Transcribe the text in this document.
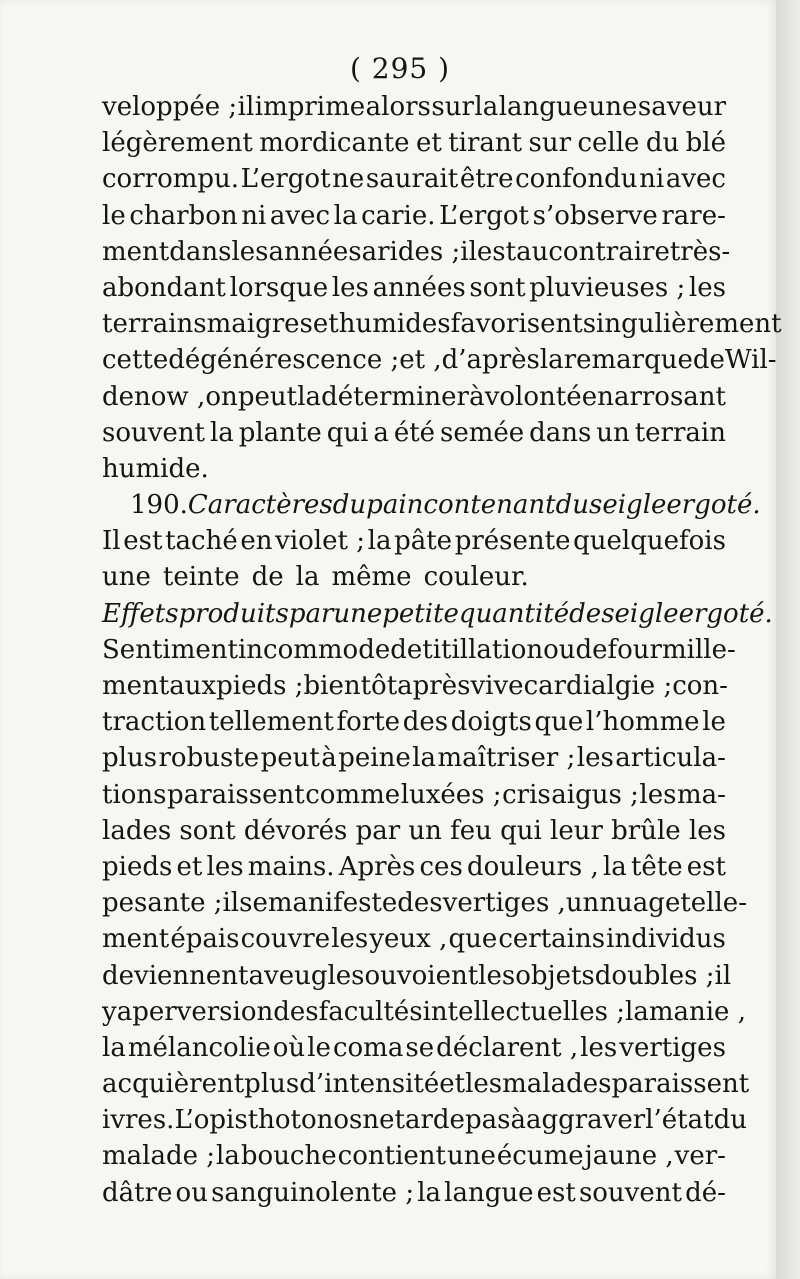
( 295 )
veloppée ; il imprime alors sur la langue une saveur
légèrement mordicante et tirant sur celle du blé
corrompu. L’ergot ne saurait être confondu ni avec
le charbon ni avec la carie. L’ergot s’observe rare-
ment dans les années arides ; il est au contraire très-
abondant lorsque les années sont pluvieuses ; les
terrains maigres et humides favorisent singulièrement
cette dégénérescence ; et , d’après la remarque de Wil-
denow , on peut la déterminer à volonté en arrosant
souvent la plante qui a été semée dans un terrain
humide.
190. Caractères du pain contenant du seigle ergoté.
Il est taché en violet ; la pâte présente quelquefois
une teinte de la même couleur.
Effets produits par une petite quantité de seigle ergoté.
Sentiment incommode de titillation ou de fourmille-
ment aux pieds ; bientôt après vive cardialgie ; con-
traction tellement forte des doigts que l’homme le
plus robuste peut à peine la maîtriser ; les articula-
tions paraissent comme luxées ; cris aigus ; les ma-
lades sont dévorés par un feu qui leur brûle les
pieds et les mains. Après ces douleurs , la tête est
pesante ; il se manifeste des vertiges , un nuage telle-
ment épais couvre les yeux , que certains individus
deviennent aveugles ou voient les objets doubles ; il
y a perversion des facultés intellectuelles ; la manie ,
la mélancolie où le coma se déclarent , les vertiges
acquièrent plus d’intensité et les malades paraissent
ivres. L’opisthotonos ne tarde pas à aggraver l’état du
malade ; la bouche contient une écume jaune , ver-
dâtre ou sanguinolente ; la langue est souvent dé-
